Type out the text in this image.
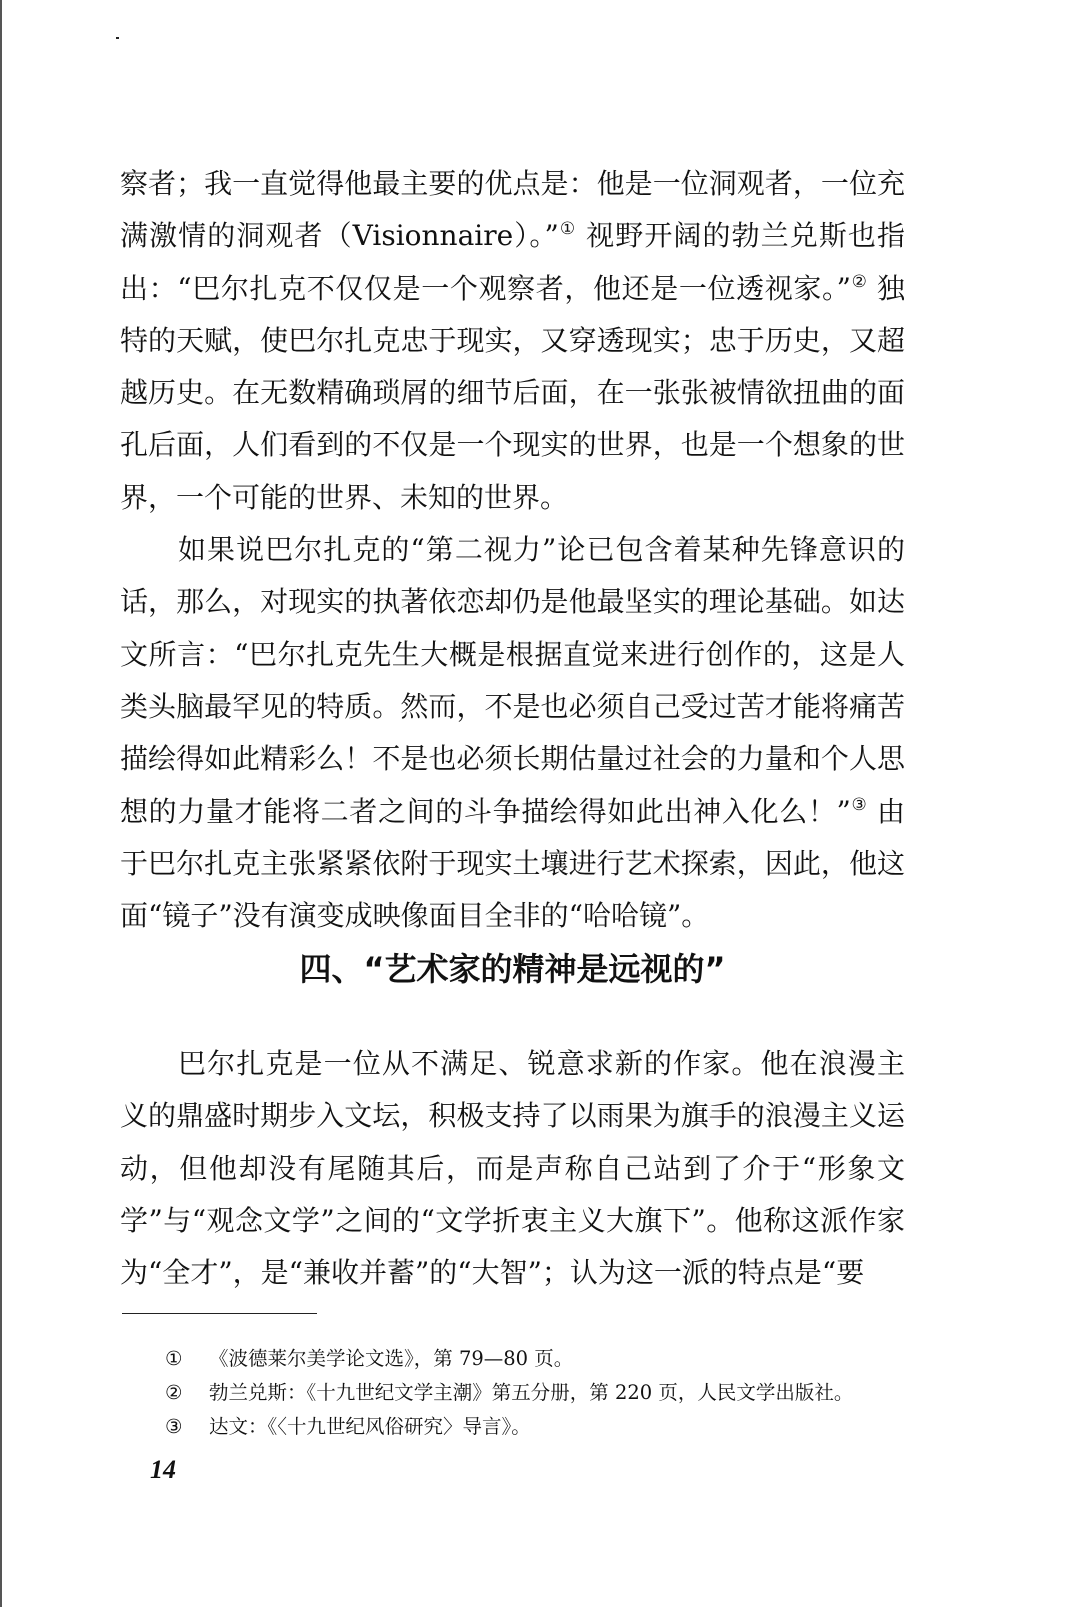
察者；我一直觉得他最主要的优点是：他是一位洞观者，一位充满激情的洞观者（Visionnaire）。”① 视野开阔的勃兰兑斯也指出：“巴尔扎克不仅仅是一个观察者，他还是一位透视家。”② 独特的天赋，使巴尔扎克忠于现实，又穿透现实；忠于历史，又超越历史。在无数精确琐屑的细节后面，在一张张被情欲扭曲的面孔后面，人们看到的不仅是一个现实的世界，也是一个想象的世界，一个可能的世界、未知的世界。

如果说巴尔扎克的“第二视力”论已包含着某种先锋意识的话，那么，对现实的执著依恋却仍是他最坚实的理论基础。如达文所言：“巴尔扎克先生大概是根据直觉来进行创作的，这是人类头脑最罕见的特质。然而，不是也必须自己受过苦才能将痛苦描绘得如此精彩么！不是也必须长期估量过社会的力量和个人思想的力量才能将二者之间的斗争描绘得如此出神入化么！”③ 由于巴尔扎克主张紧紧依附于现实土壤进行艺术探索，因此，他这面“镜子”没有演变成映像面目全非的“哈哈镜”。

四、“艺术家的精神是远视的”

巴尔扎克是一位从不满足、锐意求新的作家。他在浪漫主义的鼎盛时期步入文坛，积极支持了以雨果为旗手的浪漫主义运动，但他却没有尾随其后，而是声称自己站到了介于“形象文学”与“观念文学”之间的“文学折衷主义大旗下”。他称这派作家为“全才”，是“兼收并蓄”的“大智”；认为这一派的特点是“要

① 《波德莱尔美学论文选》，第 79—80 页。
② 勃兰兑斯：《十九世纪文学主潮》第五分册，第 220 页，人民文学出版社。
③ 达文：《〈十九世纪风俗研究〉导言》。
14
